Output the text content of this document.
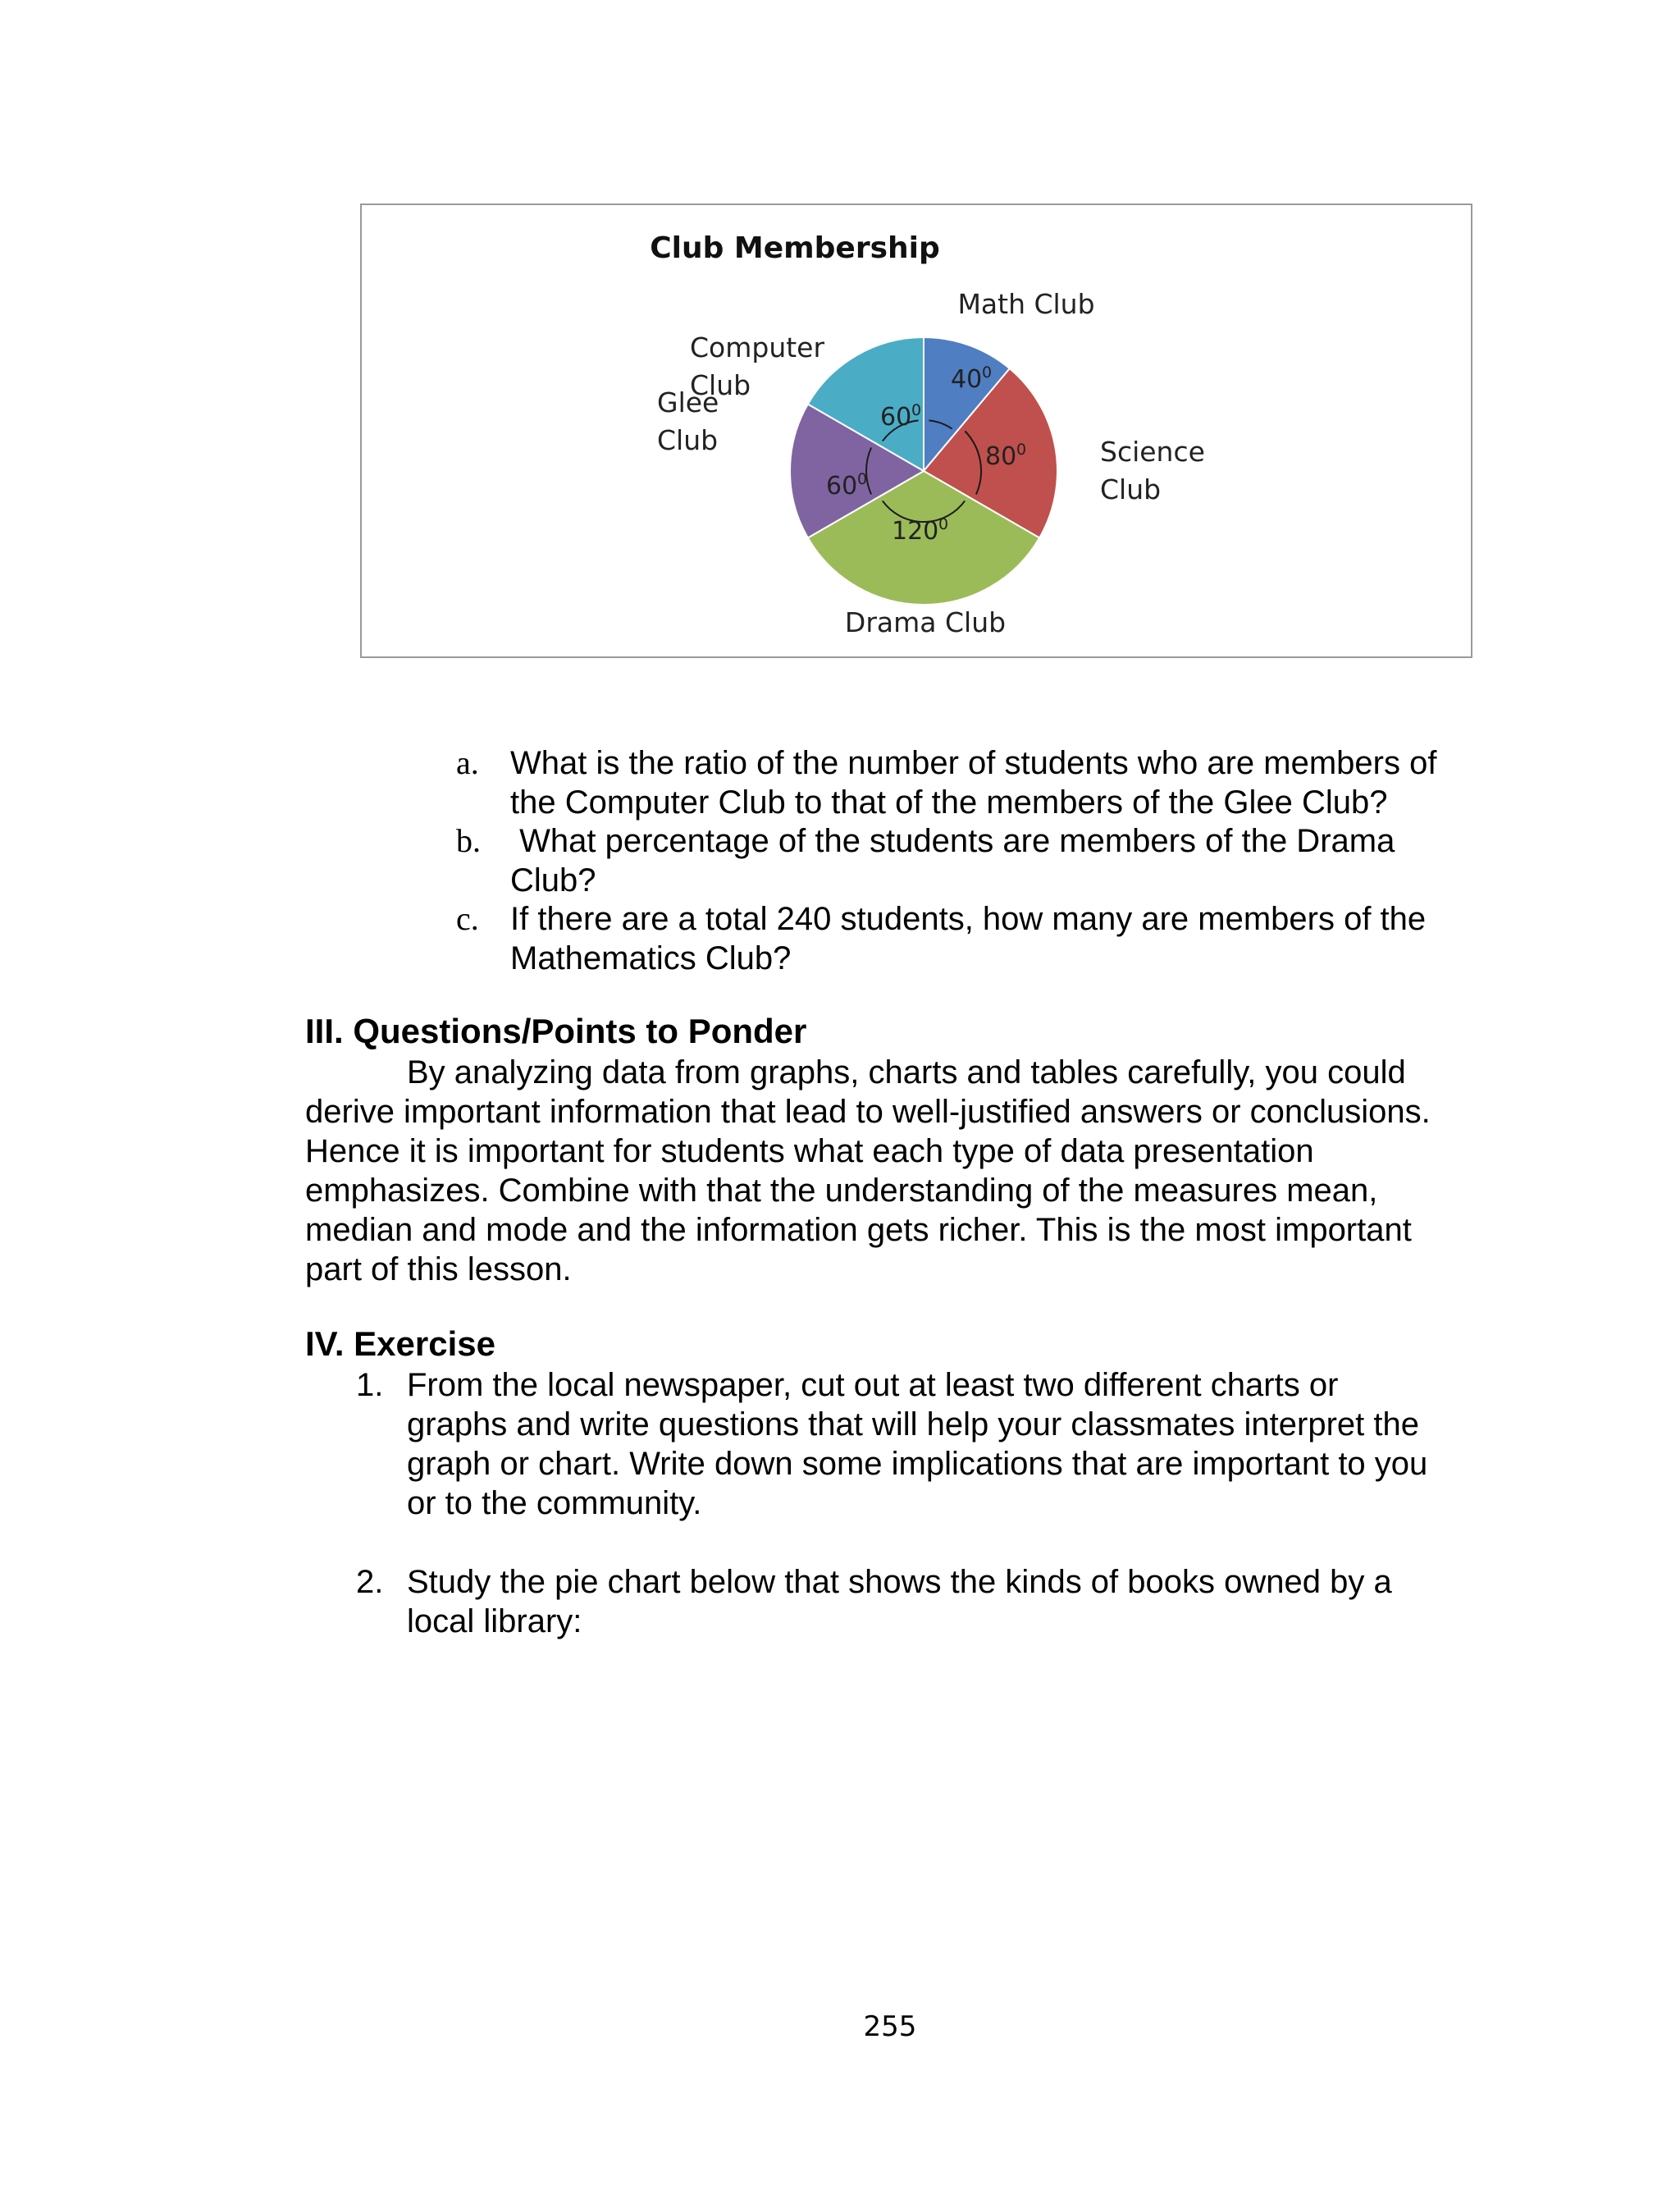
Club Membership
40 0
80 0
120 0
60 0
60 0
Math Club
Science Club
Drama Club
Glee Club
Computer Club
a. What is the ratio of the number of students who are members of
the Computer Club to that of the members of the Glee Club?
b. What percentage of the students are members of the Drama
Club?
c. If there are a total 240 students, how many are members of the
Mathematics Club?
III. Questions/Points to Ponder
By analyzing data from graphs, charts and tables carefully, you could
derive important information that lead to well-justified answers or conclusions.
Hence it is important for students what each type of data presentation
emphasizes. Combine with that the understanding of the measures mean,
median and mode and the information gets richer. This is the most important
part of this lesson.
IV. Exercise
1. From the local newspaper, cut out at least two different charts or
graphs and write questions that will help your classmates interpret the
graph or chart. Write down some implications that are important to you
or to the community.
2. Study the pie chart below that shows the kinds of books owned by a
local library:
255
